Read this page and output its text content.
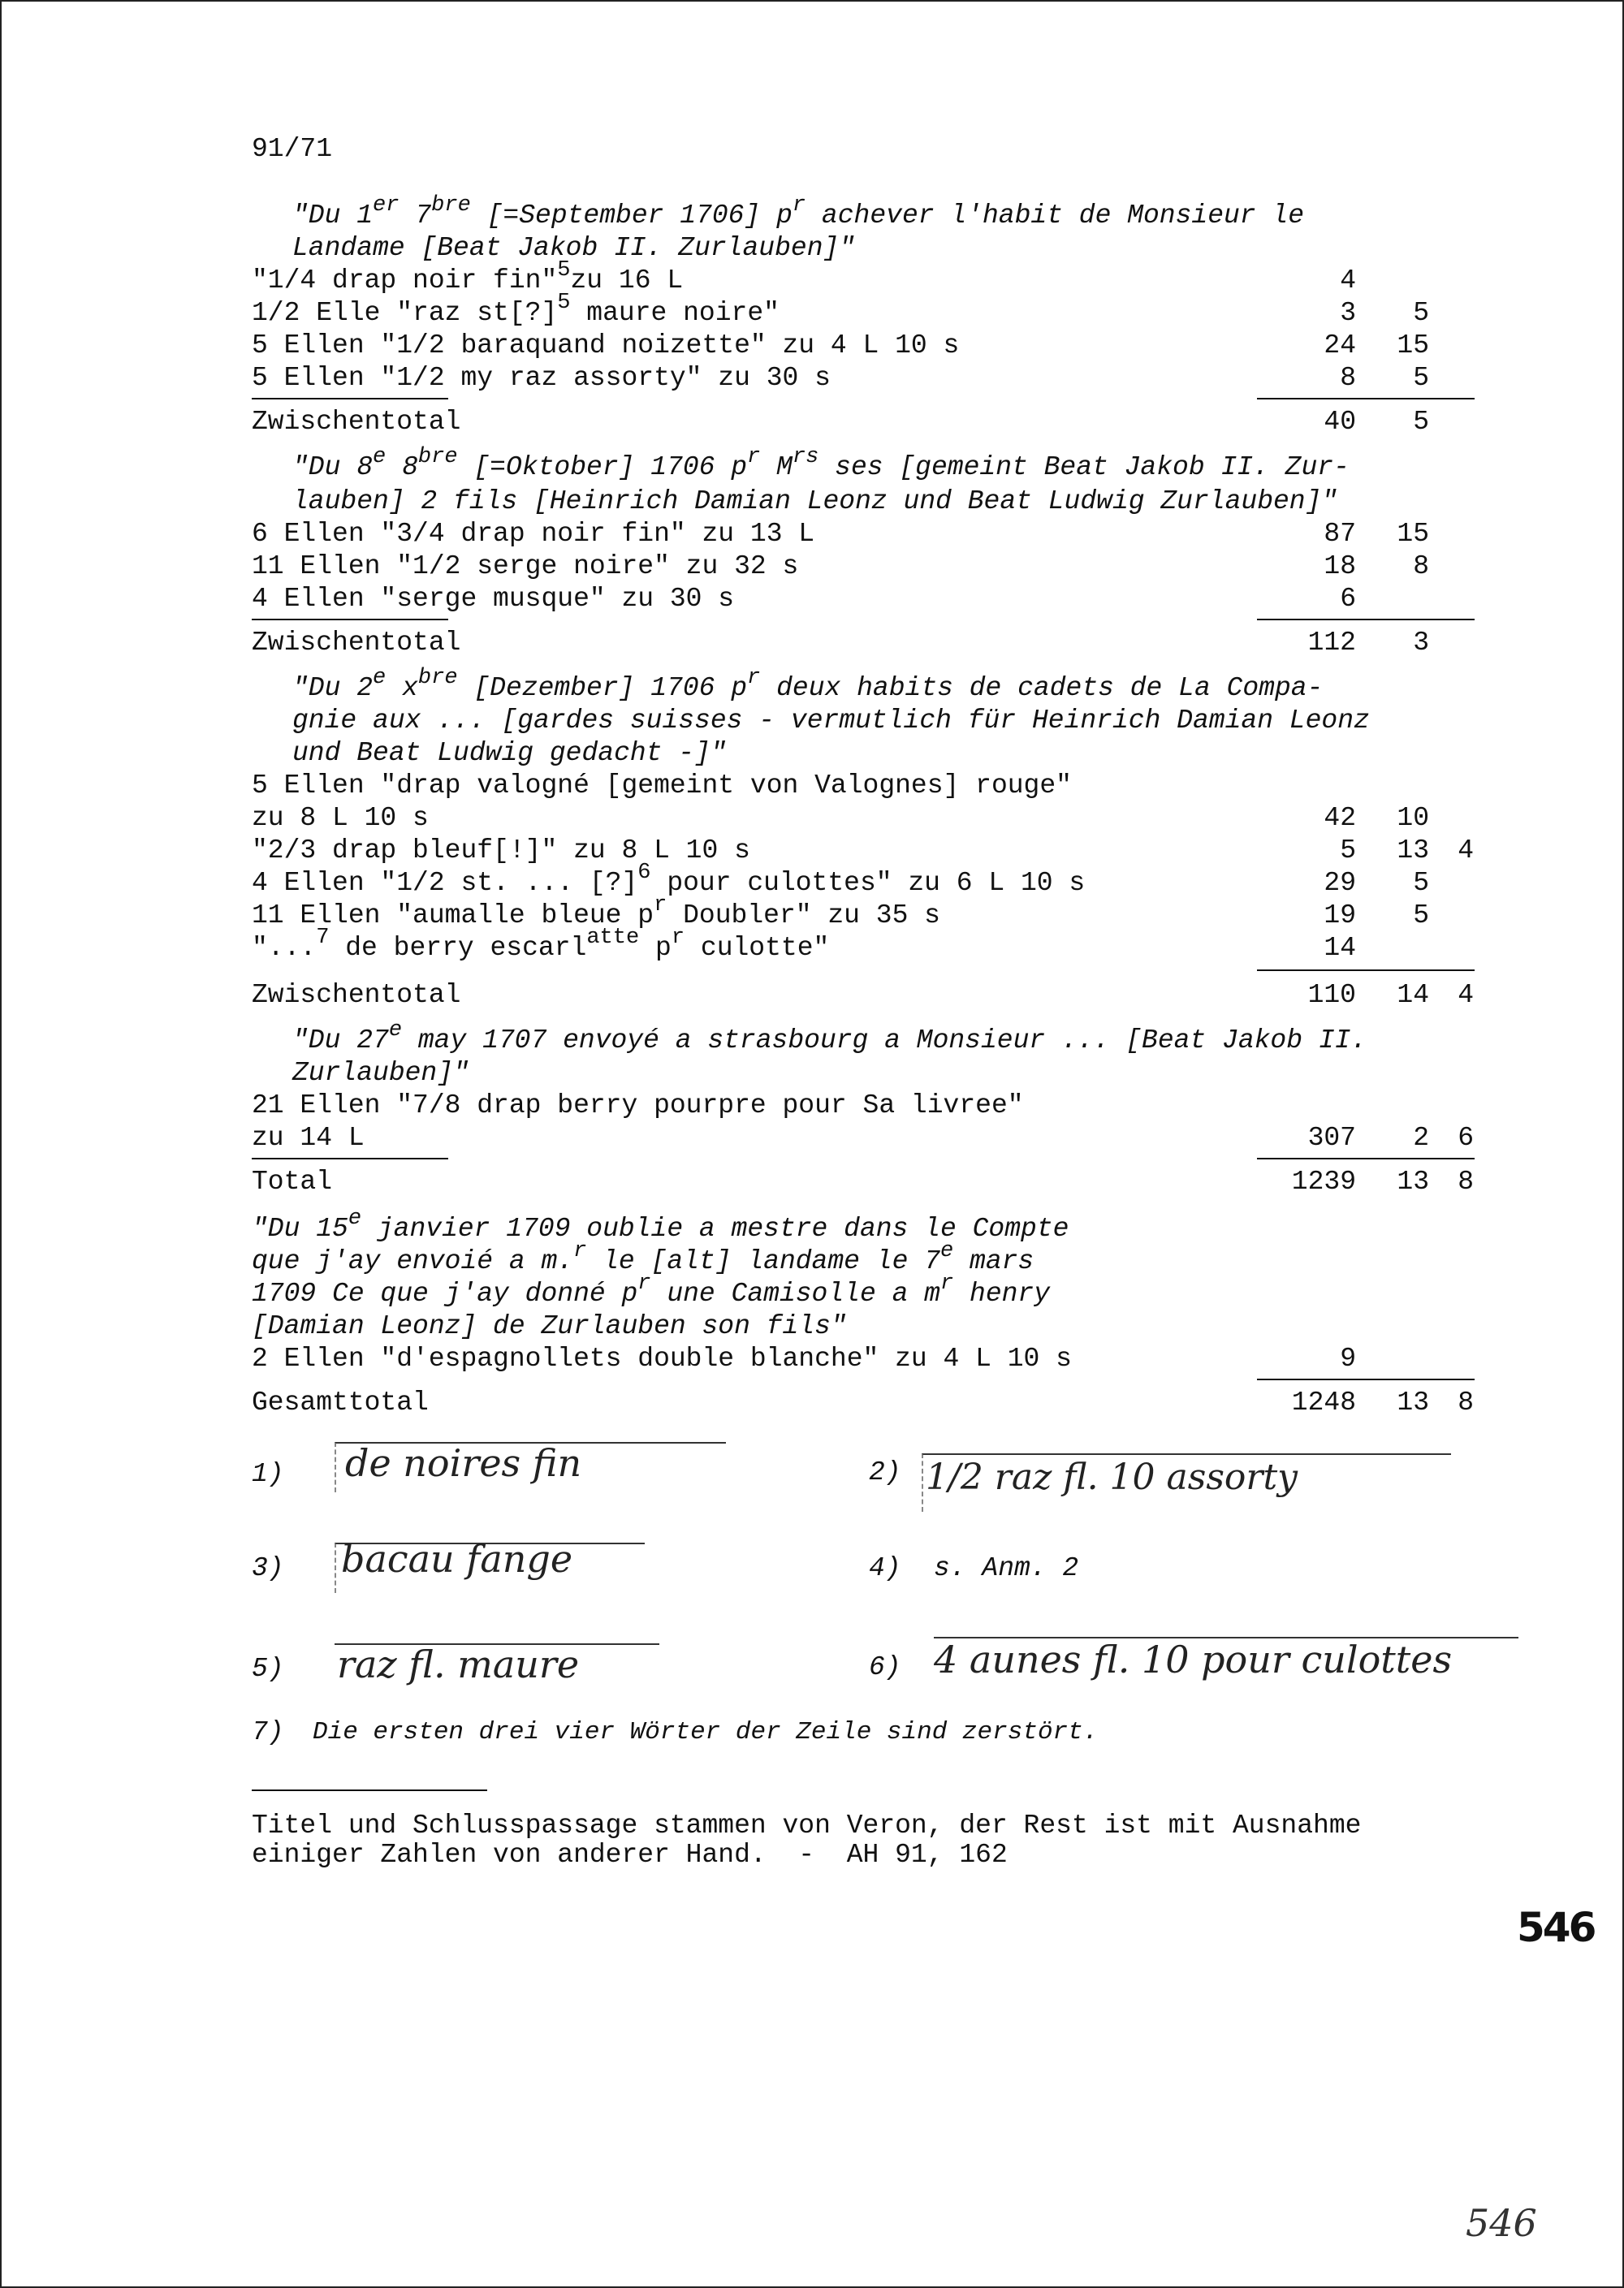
91/71
"Du 1er $7^{bre}$ [=September 1706] $p^r$ achever l'habit de Monsieur le
Landame [Beat Jakob II. Zurlauben]"
"1/4 drap noir fin"$^5$zu 16 L	4
1/2 Elle "raz st[?]$^5$ maure noire"	3	5
5 Ellen "1/2 baraquand noizette" zu 4 L 10 s	24	15
5 Ellen "1/2 my raz assorty" zu 30 s	8	5
Zwischentotal	40	5
"Du 8e $8^{bre}$ [=Oktober] 1706 $p^r$ $M^{rs}$ ses [gemeint Beat Jakob II. Zur-
lauben] 2 fils [Heinrich Damian Leonz und Beat Ludwig Zurlauben]"
6 Ellen "3/4 drap noir fin" zu 13 L	87	15
11 Ellen "1/2 serge noire" zu 32 s	18	8
4 Ellen "serge musque" zu 30 s	6
Zwischentotal	112	3
"Du 2e $x^{bre}$ [Dezember] 1706 $p^r$ deux habits de cadets de La Compa-
gnie aux ... [gardes suisses - vermutlich für Heinrich Damian Leonz
und Beat Ludwig gedacht -]"
5 Ellen "drap valogné [gemeint von Valognes] rouge"
zu 8 L 10 s	42	10
"2/3 drap bleuf[!]" zu 8 L 10 s	5	13	4
4 Ellen "1/2 st. ... [?]$^6$ pour culottes" zu 6 L 10 s	29	5
11 Ellen "aumalle bleue $p^r$ Doubler" zu 35 s	19	5
"...$^7$ de berry escarl$^{atte}$ $p^r$ culotte"	14
Zwischentotal	110	14	4
"Du 27e may 1707 envoyé a strasbourg a Monsieur ... [Beat Jakob II.
Zurlauben]"
21 Ellen "7/8 drap berry pourpre pour Sa livree"
zu 14 L	307	2	6
Total	1239	13	8
"Du 15e janvier 1709 oublie a mestre dans le Compte
que j'ay envoié a m.$^r$ le [alt] landame le 7e mars
1709 Ce que j'ay donné $p^r$ une Camisolle a $m^r$ henry
[Damian Leonz] de Zurlauben son fils"
2 Ellen "d'espagnollets double blanche" zu 4 L 10 s	9
Gesamttotal	1248	13	8
1) de noires fin	2) 1/2 raz fl. 10 assorty
3) bacau fange	4) s. Anm. 2
5) raz fl. maure	6) 4 aunes fl. 10 pour culottes
7) Die ersten drei vier Wörter der Zeile sind zerstört.
Titel und Schlusspassage stammen von Veron, der Rest ist mit Ausnahme
einiger Zahlen von anderer Hand.  -  AH 91, 162
546
546
